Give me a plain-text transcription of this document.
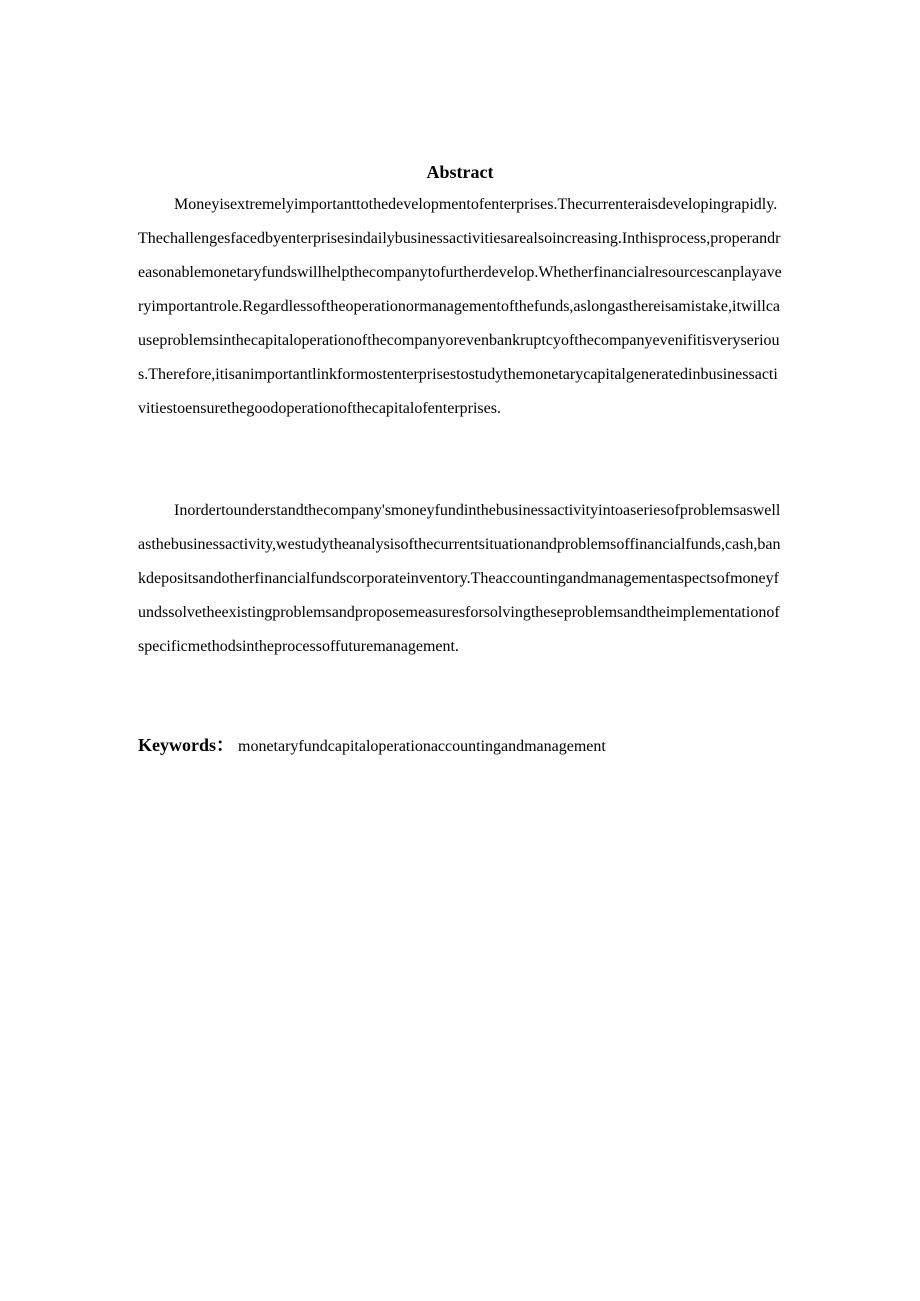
Abstract
Moneyisextremelyimportanttothedevelopmentofenterprises.Thecurrenteraisdevelopingrapidly.Thechallengesfacedbyenterprisesindailybusinessactivitiesarealsoincreasing.Inthisprocess,properandreasonablemonetaryfundswillhelpthecompanytofurtherdevelop.Whetherfinancialresourcescanplayaveryimportantrole.Regardlessoftheoperationormanagementofthefunds,aslongasthereisamistake,itwillcauseproblemsinthecapitaloperationofthecompanyorevenbankruptcyofthecompanyevenifitisveryserious.Therefore,itisanimportantlinkformostenterprisestostudythemonetarycapitalgeneratedinbusinessactivitiestoensurethegoodoperationofthecapitalofenterprises.
Inordertounderstandthecompany'smoneyfundinthebusinessactivityintoaseriesofproblemsaswellasthebusinessactivity,westudytheanalysisofthecurrentsituationandproblemsoffinancialfunds,cash,bankdepositsandotherfinancialfundscorporateinventory.Theaccountingandmanagementaspectsofmoneyfundssolvetheexistingproblemsandproposemeasuresforsolvingtheseproblemsandtheimplementationofspecificmethodsintheprocessoffuturemanagement.
Keywords： monetaryfundcapitaloperationaccountingandmanagement
